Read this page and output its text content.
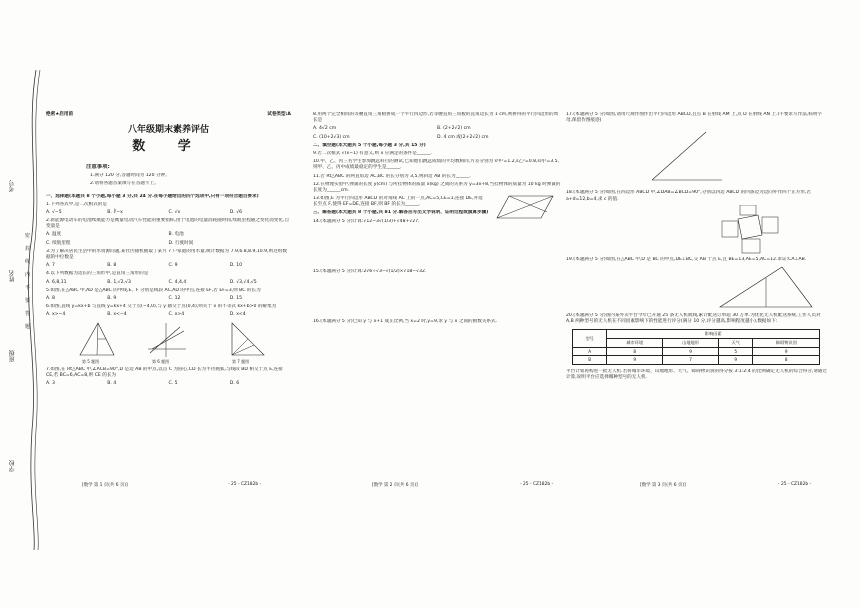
考号
姓名
班级
学校
密
封
线
内
不
要
答
题
绝密★启用前	试卷类型:A
八年级期末素养评估
数 学

注意事项:

1.满分 120 分,答题时间为 120 分钟。

2.请将各题答案填写在答题卡上。

一、选择题(本题共 8 个小题,每小题 3 分,共 24 分.在每小题给出的四个选项中,只有一项符合题目要求)

1.下列各式中,是二次根式的是

A. √−5	B. ∛−x	C. √x	D. √6

2.新能源电动车的电池续航能力是衡量电动汽车性能的重要指标,由于电池的电量消耗随时间,续航里程随之变化而变化,自变量是

A. 温度	B. 电池
C. 续航里程	D. 行驶时间

3.为了解决居民生活中的水资源问题,某社区随机抽取了某月 7 户家庭的用水量,统计数据为 7.9,6.8,8.9,10.9,则这组数据的中位数是

A. 7	B. 8	C. 9	D. 10

4.以下列数据为边长的三角形中,是直角三角形的是

A. 6,8,11	B. 1,√2,√3	C. 4,4,4	D. √3,√4,√5

5.如图,在△ABC 中,AD 是△ABC 的中线,E、F 分别是线段 AC,AD 的中点,连接 EF,若 EF=3,则 BC 的长为

A. 8	B. 9	C. 12	D. 15

6.如图,直线 y=kx+b 与直线 y=kx+4 交于点(−4,0),与 y 轴交于点(0,4),则关于 x 的不等式 kx+b>0 的解集为

A. x>−4	B. x<−4	C. x>4	D. x<4
第 5 题图	第 6 题图	第 7 题图

7.如图,在 Rt△ABC 中,∠ACB=90°,D 是边 AB 的中点,以点 C 为圆心,CD 长为半径画弧,与线段 BD 相交于点 E,连接 CE,若 BC=6,AC=8,则 CE 的长为

A. 3	B. 4	C. 5	D. 6
[数学 第 1 页(共 6 页)]	- 25 - CZ182b -

8.用两个完全相同的等腰直角三角板拼成一个平行四边形,若等腰直角三角板的直角边长为 1 cm,则拼得的平行四边形的周长是

A. 4√2 cm	B. (2+2√2) cm
C. (10+2√3) cm	D. 4 cm 或(2+2√2) cm

二、填空题(本大题共 5 个小题,每小题 3 分,共 15 分)

9.若二次根式 √(x−1) 有意义,则 x 应满足的条件是______.

10.甲、乙、丙三名学生参加跳远科目的测试,已知他们跳远成绩的平均数相同,方差分别为 s甲²=1.2,s乙²=0.8,s丙²=3.5,则甲、乙、丙中成绩最稳定的学生是______.

11.若 Rt△ABC 的两直角边 AC,BC 的长分别为 3,5,则斜边 AB 的长为______.

12.在物理实验中,弹簧的长度 y(cm) 与所挂物体的质量 x(kg) 之间的关系为 y=3x+8,当挂物体的质量为 10 kg 时弹簧的长度为______cm.

13.如图,E 为平行四边形 ABCD 的对角线 AC 上的一点,AC=5,CE=1,连接 DE,并延长至点 F,使得 EF=DE,连接 BF,则 BF 的长为______.

三、解答题(本大题共 8 个小题,共 81 分.解答应写出文字说明、证明过程或演算步骤)

14.(本题满分 5 分)计算:√12−3√(1/3)+√48+√27.

15.(本题满分 5 分)计算:2√6÷√3−√(1/2)×√18−√32.

16.(本题满分 5 分)已知 y 与 x+1 成正比例,当 x=2 时,y=9,求 y 与 x 之间的函数关系式.

[数学 第 2 页(共 6 页)]	- 25 - CZ182b -

17.(本题满分 5 分)如图,请用尺规作图作出平行四边形 ABCD,且点 B 在射线 AM 上,点 D 在射线 AN 上.(不要求写作法,标明字母,保留作图痕迹)

18.(本题满分 5 分)如图,在四边形 ABCD 中,∠DAB=∠BCD=90°,分别以四边 ABCD 的四条边为边向外作四个正方形,若 a+d=12,b=4,求 c 的值.

19.(本题满分 5 分)如图,在△ABC 中,D 是 BC 的中点,DE⊥BC,交 AB 于点 E,且 BE=13,AE=5,AC=12.求证:CA⊥AB.

20.(本题满分 5 分)国内某外卖平台今年已开通 25 条无人机航线,累计配送订单超 30 万单.为优化无人机配送系统,工作人员对 A,B 两种型号的无人机在不同因素影响下的性能进行评分(满分 10 分,评分越高,影响程度越小),数据如下:

型号	影响因素			
	城市环境	山地地形	天气	障碍物识别
A	8	9	5	9
B	9	7	9	8

平台计划再购进一批无人机.若将城市环境、山地地形、天气、障碍物识别的得分按 3:1:2:4 的比例确定无人机的综合得分,请通过计算,说明平台应选择哪种型号的无人机.

[数学 第 3 页(共 6 页)]	- 25 - CZ182b -
